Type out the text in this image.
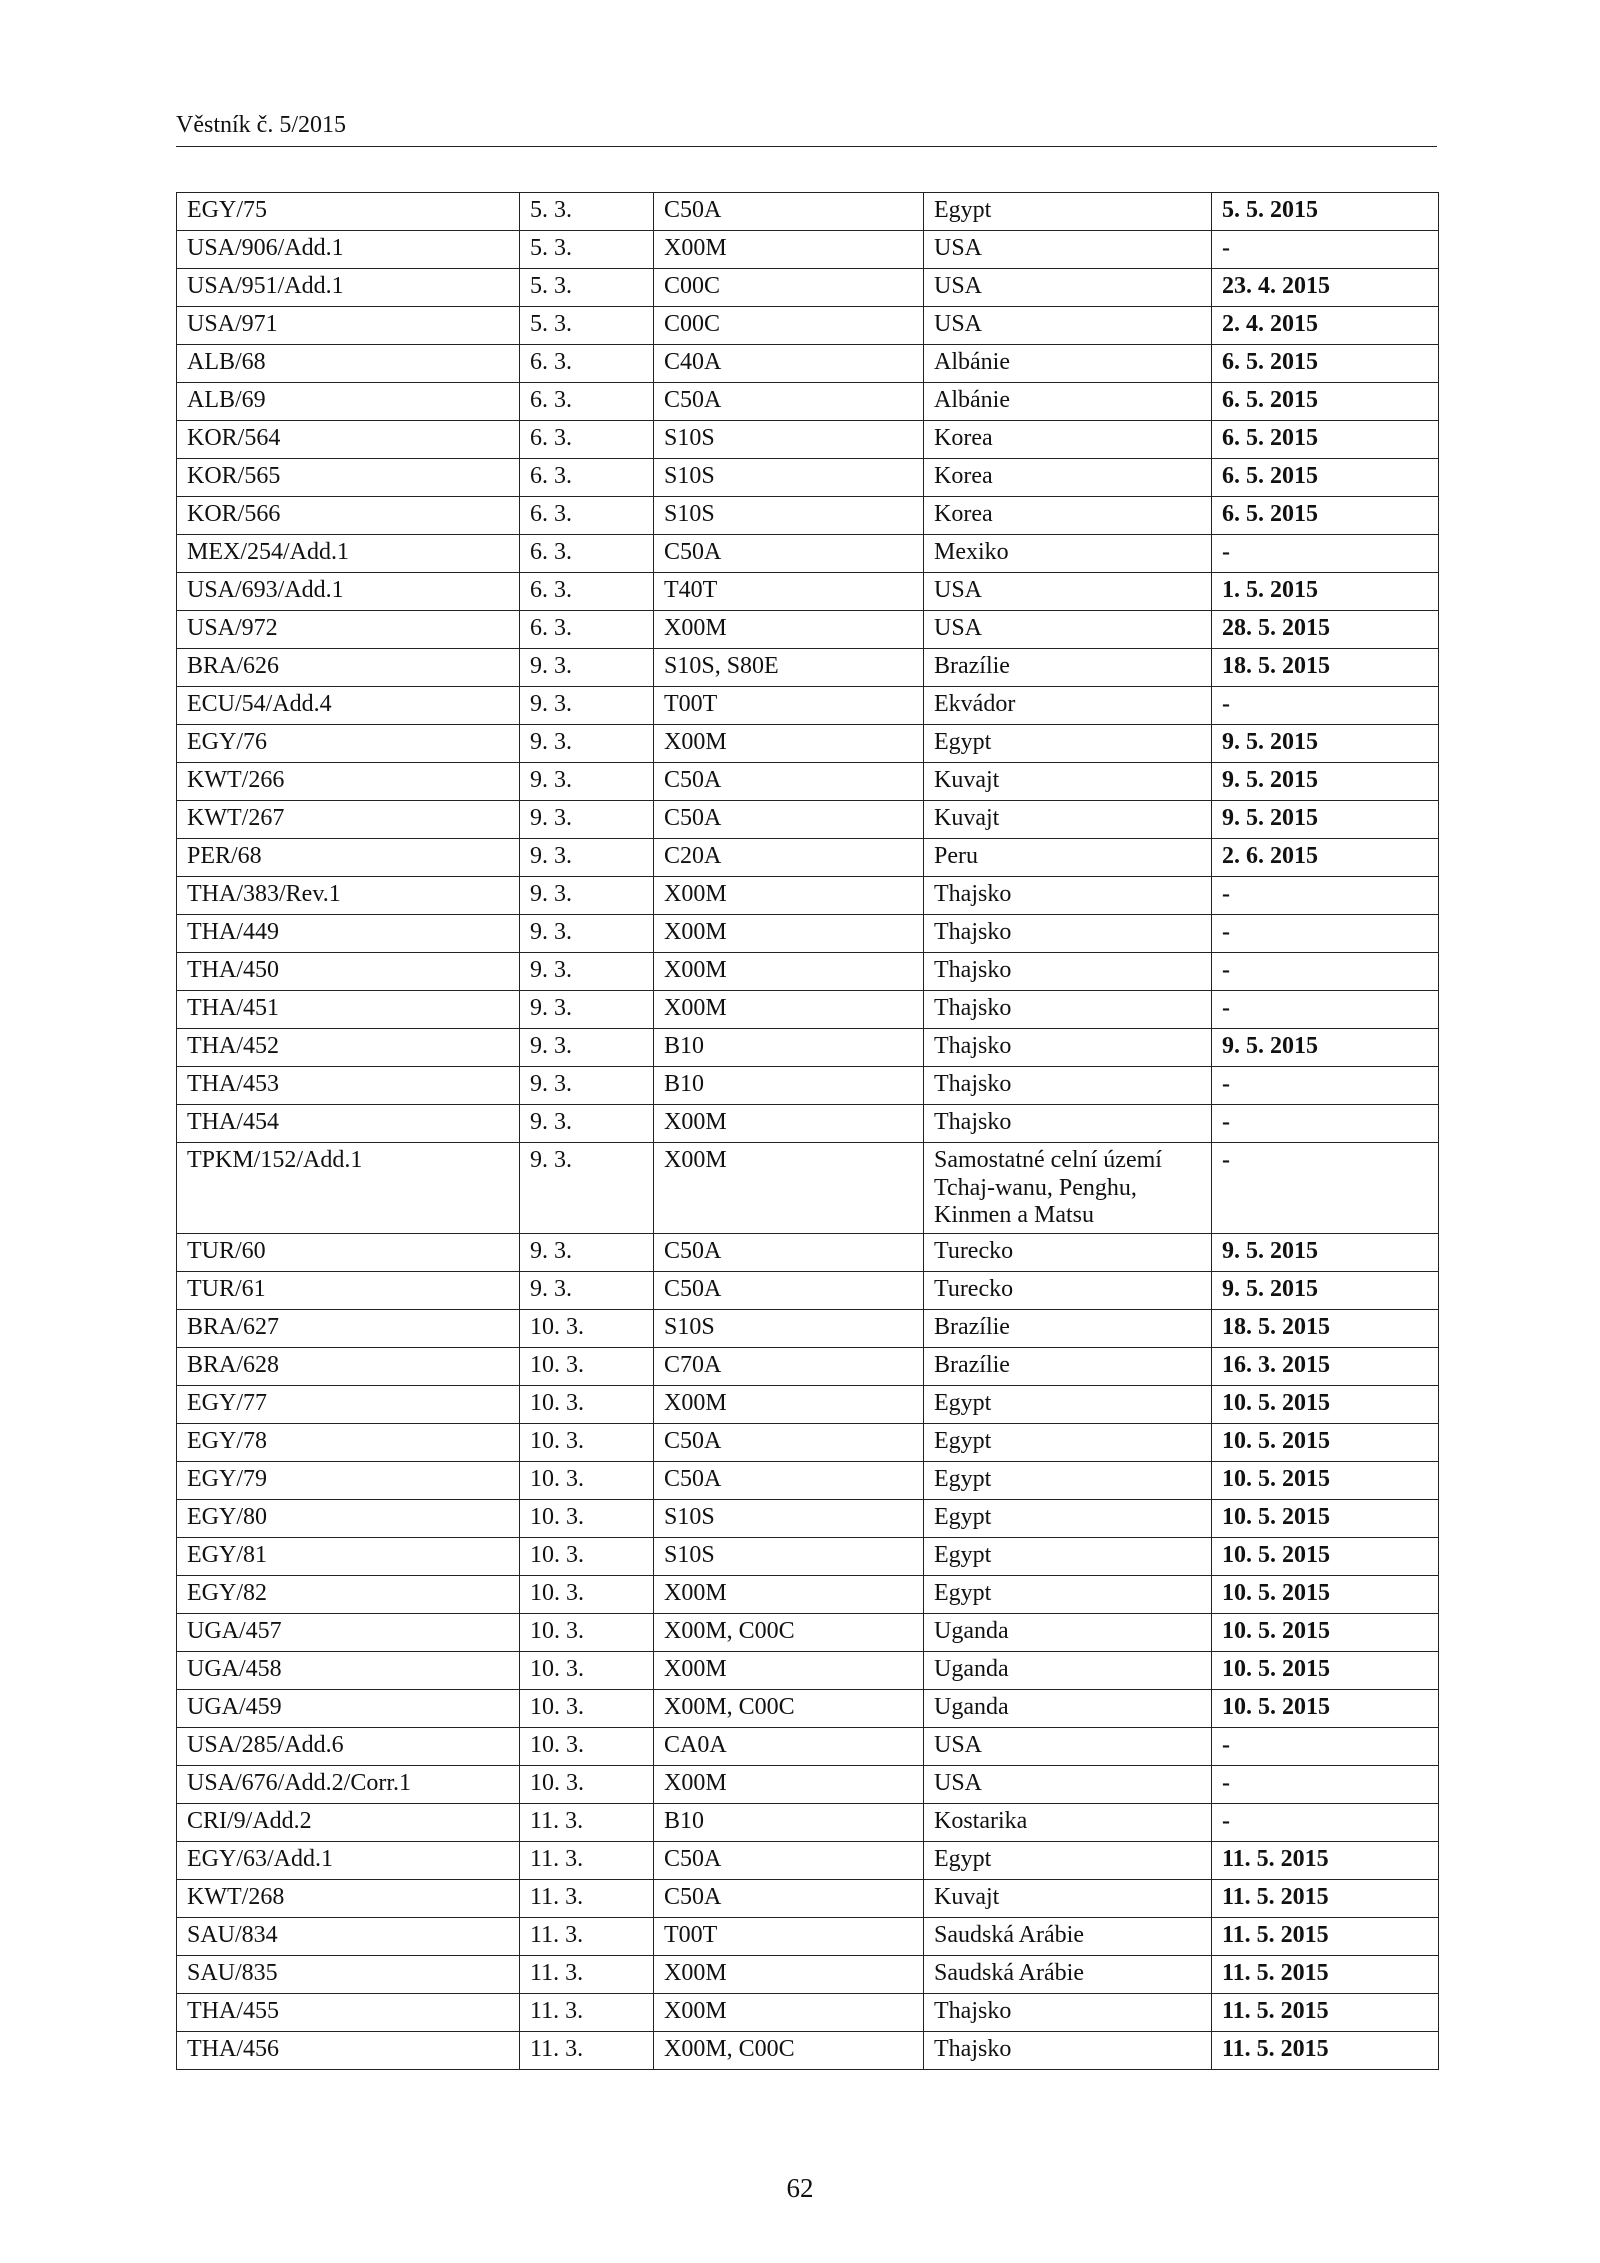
Věstník č. 5/2015
EGY/75	5. 3.	C50A	Egypt	5. 5. 2015
USA/906/Add.1	5. 3.	X00M	USA	-
USA/951/Add.1	5. 3.	C00C	USA	23. 4. 2015
USA/971	5. 3.	C00C	USA	2. 4. 2015
ALB/68	6. 3.	C40A	Albánie	6. 5. 2015
ALB/69	6. 3.	C50A	Albánie	6. 5. 2015
KOR/564	6. 3.	S10S	Korea	6. 5. 2015
KOR/565	6. 3.	S10S	Korea	6. 5. 2015
KOR/566	6. 3.	S10S	Korea	6. 5. 2015
MEX/254/Add.1	6. 3.	C50A	Mexiko	-
USA/693/Add.1	6. 3.	T40T	USA	1. 5. 2015
USA/972	6. 3.	X00M	USA	28. 5. 2015
BRA/626	9. 3.	S10S, S80E	Brazílie	18. 5. 2015
ECU/54/Add.4	9. 3.	T00T	Ekvádor	-
EGY/76	9. 3.	X00M	Egypt	9. 5. 2015
KWT/266	9. 3.	C50A	Kuvajt	9. 5. 2015
KWT/267	9. 3.	C50A	Kuvajt	9. 5. 2015
PER/68	9. 3.	C20A	Peru	2. 6. 2015
THA/383/Rev.1	9. 3.	X00M	Thajsko	-
THA/449	9. 3.	X00M	Thajsko	-
THA/450	9. 3.	X00M	Thajsko	-
THA/451	9. 3.	X00M	Thajsko	-
THA/452	9. 3.	B10	Thajsko	9. 5. 2015
THA/453	9. 3.	B10	Thajsko	-
THA/454	9. 3.	X00M	Thajsko	-
TPKM/152/Add.1	9. 3.	X00M	Samostatné celní území
Tchaj-wanu, Penghu,
Kinmen a Matsu	-
TUR/60	9. 3.	C50A	Turecko	9. 5. 2015
TUR/61	9. 3.	C50A	Turecko	9. 5. 2015
BRA/627	10. 3.	S10S	Brazílie	18. 5. 2015
BRA/628	10. 3.	C70A	Brazílie	16. 3. 2015
EGY/77	10. 3.	X00M	Egypt	10. 5. 2015
EGY/78	10. 3.	C50A	Egypt	10. 5. 2015
EGY/79	10. 3.	C50A	Egypt	10. 5. 2015
EGY/80	10. 3.	S10S	Egypt	10. 5. 2015
EGY/81	10. 3.	S10S	Egypt	10. 5. 2015
EGY/82	10. 3.	X00M	Egypt	10. 5. 2015
UGA/457	10. 3.	X00M, C00C	Uganda	10. 5. 2015
UGA/458	10. 3.	X00M	Uganda	10. 5. 2015
UGA/459	10. 3.	X00M, C00C	Uganda	10. 5. 2015
USA/285/Add.6	10. 3.	CA0A	USA	-
USA/676/Add.2/Corr.1	10. 3.	X00M	USA	-
CRI/9/Add.2	11. 3.	B10	Kostarika	-
EGY/63/Add.1	11. 3.	C50A	Egypt	11. 5. 2015
KWT/268	11. 3.	C50A	Kuvajt	11. 5. 2015
SAU/834	11. 3.	T00T	Saudská Arábie	11. 5. 2015
SAU/835	11. 3.	X00M	Saudská Arábie	11. 5. 2015
THA/455	11. 3.	X00M	Thajsko	11. 5. 2015
THA/456	11. 3.	X00M, C00C	Thajsko	11. 5. 2015
62
